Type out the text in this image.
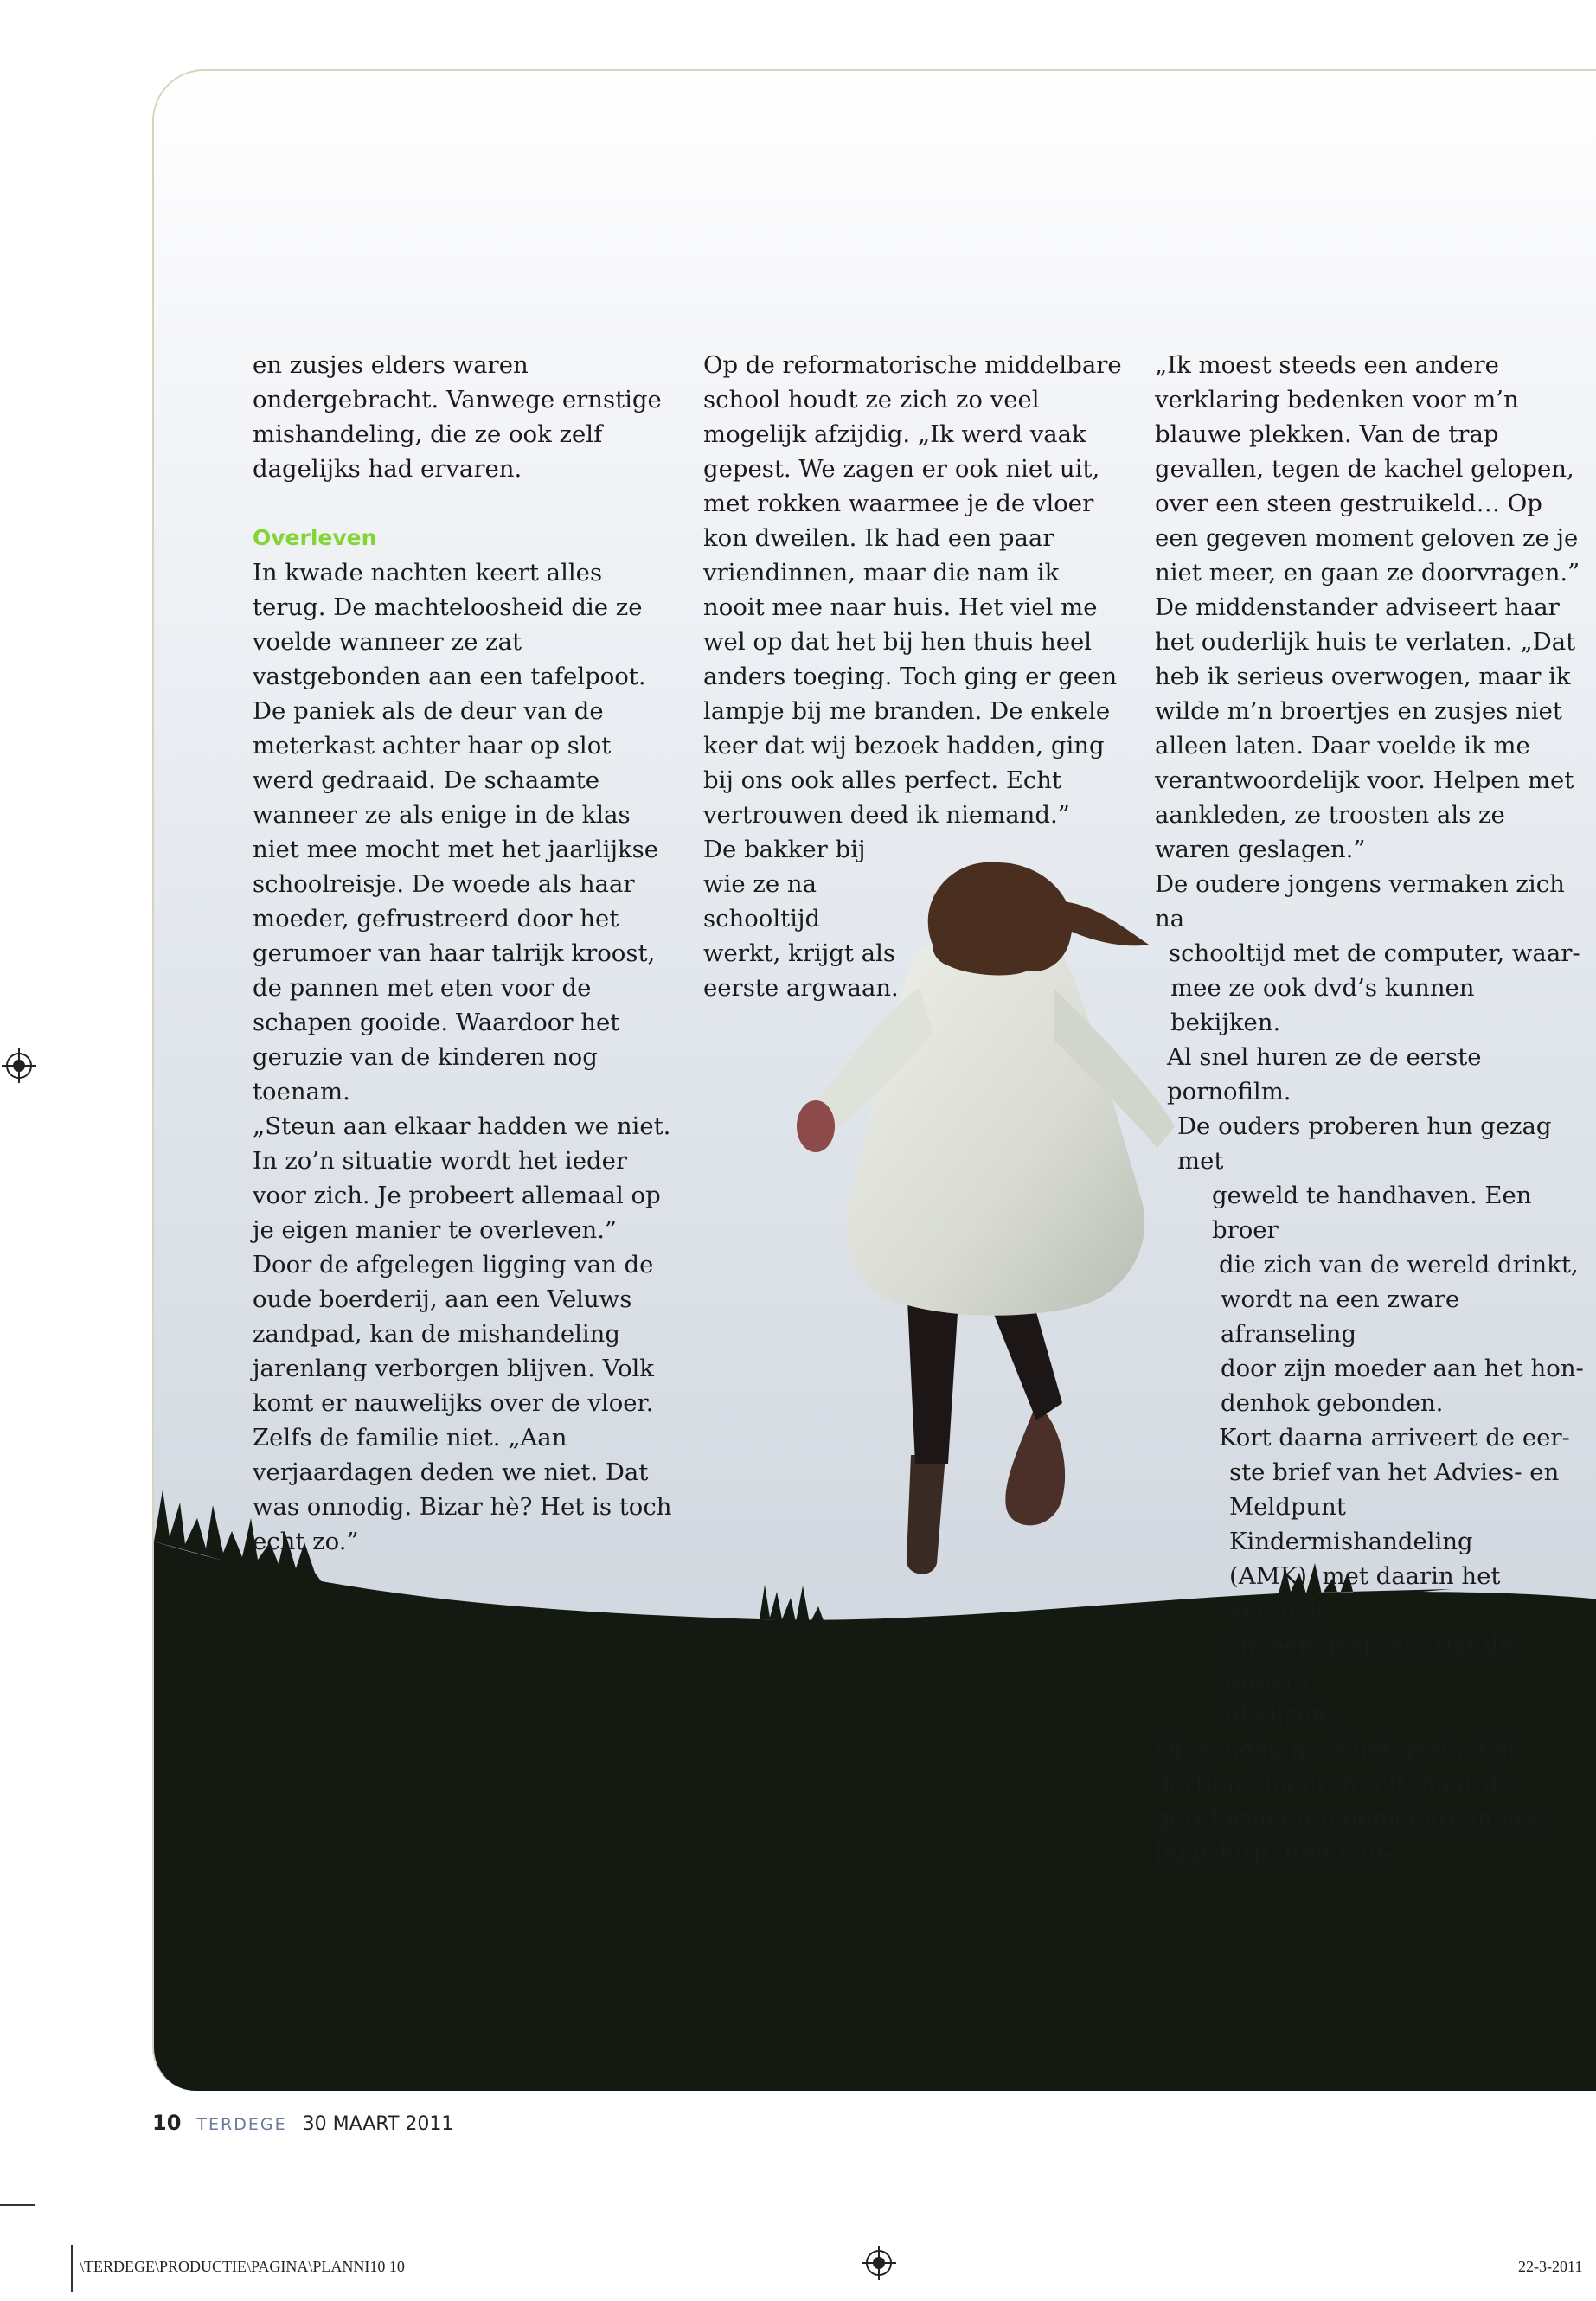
en zusjes elders waren ondergebracht. Vanwege ernstige mishandeling, die ze ook zelf dagelijks had ervaren.

Overleven

In kwade nachten keert alles terug. De machteloosheid die ze voelde wanneer ze zat vastgebonden aan een tafelpoot. De paniek als de deur van de meterkast achter haar op slot werd gedraaid. De schaamte wanneer ze als enige in de klas niet mee mocht met het jaarlijkse schoolreisje. De woede als haar moeder, gefrustreerd door het gerumoer van haar talrijk kroost, de pannen met eten voor de schapen gooide. Waardoor het geruzie van de kinderen nog toenam.

„Steun aan elkaar hadden we niet. In zo’n situatie wordt het ieder voor zich. Je probeert allemaal op je eigen manier te overleven.”

Door de afgelegen ligging van de oude boerderij, aan een Veluws zandpad, kan de mishandeling jarenlang verborgen blijven. Volk komt er nauwelijks over de vloer. Zelfs de familie niet. „Aan verjaardagen deden we niet. Dat was onnodig. Bizar hè? Het is toch echt zo.”

Op de reformatorische middelbare school houdt ze zich zo veel mogelijk afzijdig. „Ik werd vaak gepest. We zagen er ook niet uit, met rokken waarmee je de vloer kon dweilen. Ik had een paar vriendinnen, maar die nam ik nooit mee naar huis. Het viel me wel op dat het bij hen thuis heel anders toeging. Toch ging er geen lampje bij me branden. De enkele keer dat wij bezoek hadden, ging bij ons ook alles perfect. Echt vertrouwen deed ik niemand.”

De bakker bij wie ze na schooltijd werkt, krijgt als eerste argwaan.

„Ik moest steeds een andere verklaring bedenken voor m’n blauwe plekken. Van de trap gevallen, tegen de kachel gelopen, over een steen gestruikeld… Op een gegeven moment geloven ze je niet meer, en gaan ze doorvragen.”

De middenstander adviseert haar het ouderlijk huis te verlaten. „Dat heb ik serieus overwogen, maar ik wilde m’n broertjes en zusjes niet alleen laten. Daar voelde ik me verantwoordelijk voor. Helpen met aankleden, ze troosten als ze waren geslagen.”

De oudere jongens vermaken zich na
schooltijd met de computer, waar-
mee ze ook dvd’s kunnen bekijken.
Al snel huren ze de eerste pornofilm.
De ouders proberen hun gezag met
geweld te handhaven. Een broer
die zich van de wereld drinkt,
wordt na een zware afranseling
door zijn moeder aan het hon-
denhok gebonden.
Kort daarna arriveert de eer-
ste brief van het Advies- en
Meldpunt Kindermishandeling
(AMK), met daarin het verzoek
om een gesprek. Dat de ouders
afwijzen.

Op zondag gaat het gezin, dat dertien kinderen telt, naar de gereformeerde gemeente in het buurdorp. Een half-

10 TERDEGE 30 MAART 2011
\TERDEGE\PRODUCTIE\PAGINA\PLANNI10 10	22-3-2011
